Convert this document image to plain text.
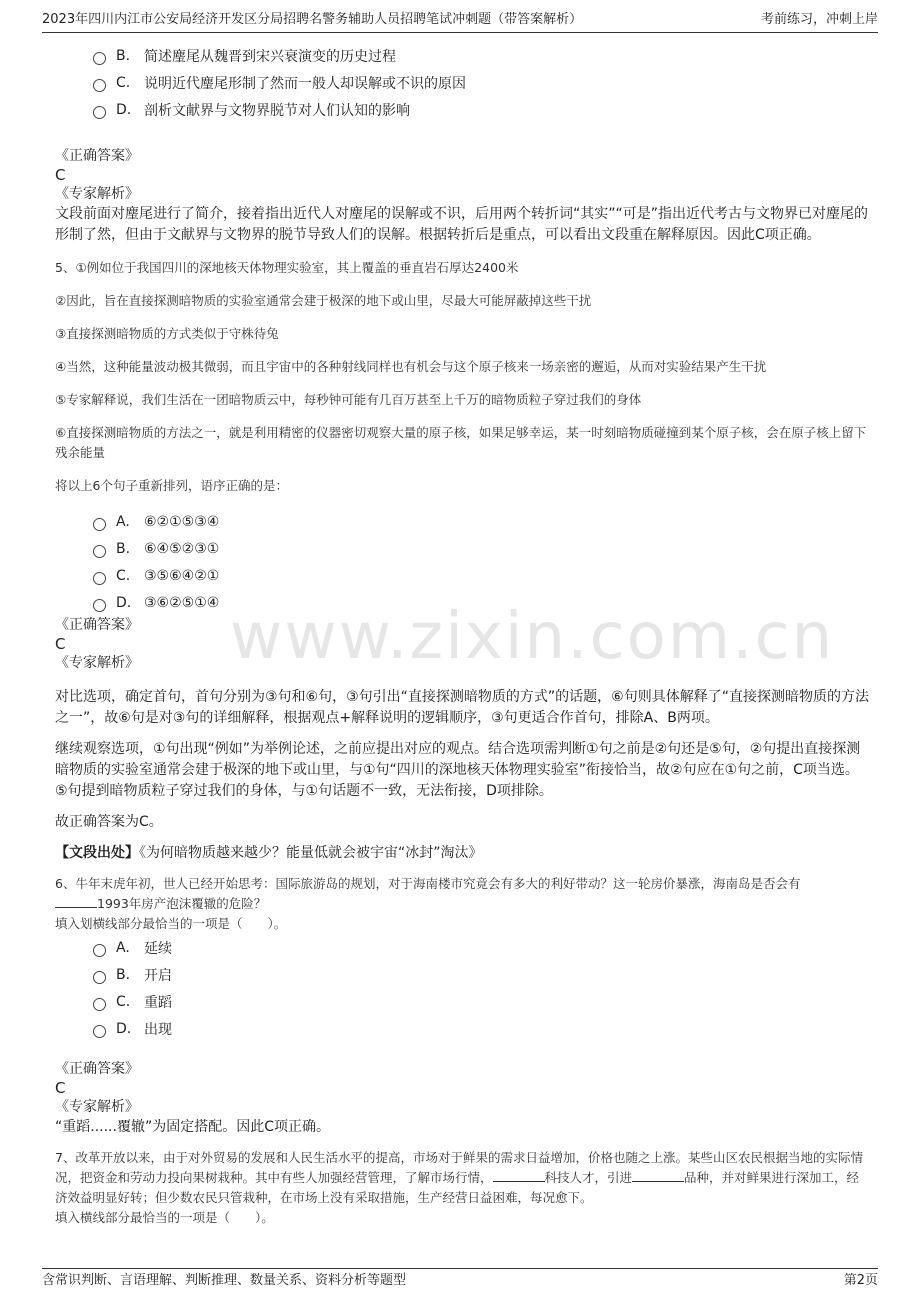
2023年四川内江市公安局经济开发区分局招聘名警务辅助人员招聘笔试冲刺题（带答案解析）	考前练习，冲刺上岸
www.zixin.com.cn
B. 简述麈尾从魏晋到宋兴衰演变的历史过程
C. 说明近代麈尾形制了然而一般人却误解或不识的原因
D. 剖析文献界与文物界脱节对人们认知的影响
《正确答案》
C
《专家解析》
文段前面对麈尾进行了简介，接着指出近代人对麈尾的误解或不识，后用两个转折词“其实”“可是”指出近代考古与文物界已对麈尾的形制了然，但由于文献界与文物界的脱节导致人们的误解。根据转折后是重点，可以看出文段重在解释原因。因此C项正确。
5、①例如位于我国四川的深地核天体物理实验室，其上覆盖的垂直岩石厚达2400米
②因此，旨在直接探测暗物质的实验室通常会建于极深的地下或山里，尽最大可能屏蔽掉这些干扰
③直接探测暗物质的方式类似于守株待兔
④当然，这种能量波动极其微弱，而且宇宙中的各种射线同样也有机会与这个原子核来一场亲密的邂逅，从而对实验结果产生干扰
⑤专家解释说，我们生活在一团暗物质云中，每秒钟可能有几百万甚至上千万的暗物质粒子穿过我们的身体
⑥直接探测暗物质的方法之一，就是利用精密的仪器密切观察大量的原子核，如果足够幸运，某一时刻暗物质碰撞到某个原子核，会在原子核上留下残余能量
将以上6个句子重新排列，语序正确的是：
A.	⑥②①⑤③④
B. ⑥④⑤②③①
C. ③⑤⑥④②①
D. ③⑥②⑤①④
《正确答案》
C
《专家解析》
对比选项，确定首句，首句分别为③句和⑥句，③句引出“直接探测暗物质的方式”的话题，⑥句则具体解释了“直接探测暗物质的方法之一”，故⑥句是对③句的详细解释，根据观点+解释说明的逻辑顺序，③句更适合作首句，排除A、B两项。
继续观察选项，①句出现“例如”为举例论述，之前应提出对应的观点。结合选项需判断①句之前是②句还是⑤句，②句提出直接探测暗物质的实验室通常会建于极深的地下或山里，与①句“四川的深地核天体物理实验室”衔接恰当，故②句应在①句之前，C项当选。⑤句提到暗物质粒子穿过我们的身体，与①句话题不一致，无法衔接，D项排除。
故正确答案为C。
【文段出处】《为何暗物质越来越少？能量低就会被宇宙“冰封”淘汰》
6、牛年末虎年初，世人已经开始思考：国际旅游岛的规划，对于海南楼市究竟会有多大的利好带动？这一轮房价暴涨，海南岛是否会有
1993年房产泡沫覆辙的危险？
填入划横线部分最恰当的一项是（　　）。
A.	延续
B. 开启
C. 重蹈
D. 出现
《正确答案》
C
《专家解析》
“重蹈......覆辙”为固定搭配。因此C项正确。
7、改革开放以来，由于对外贸易的发展和人民生活水平的提高，市场对于鲜果的需求日益增加，价格也随之上涨。某些山区农民根据当地的实际情况，把资金和劳动力投向果树栽种。其中有些人加强经营管理，了解市场行情，	科技人才，引进	品种，并对鲜果进行深加工，经济效益明显好转；但少数农民只管栽种，在市场上没有采取措施，生产经营日益困难，每况愈下。
填入横线部分最恰当的一项是（　　）。
含常识判断、言语理解、判断推理、数量关系、资料分析等题型	第2页
